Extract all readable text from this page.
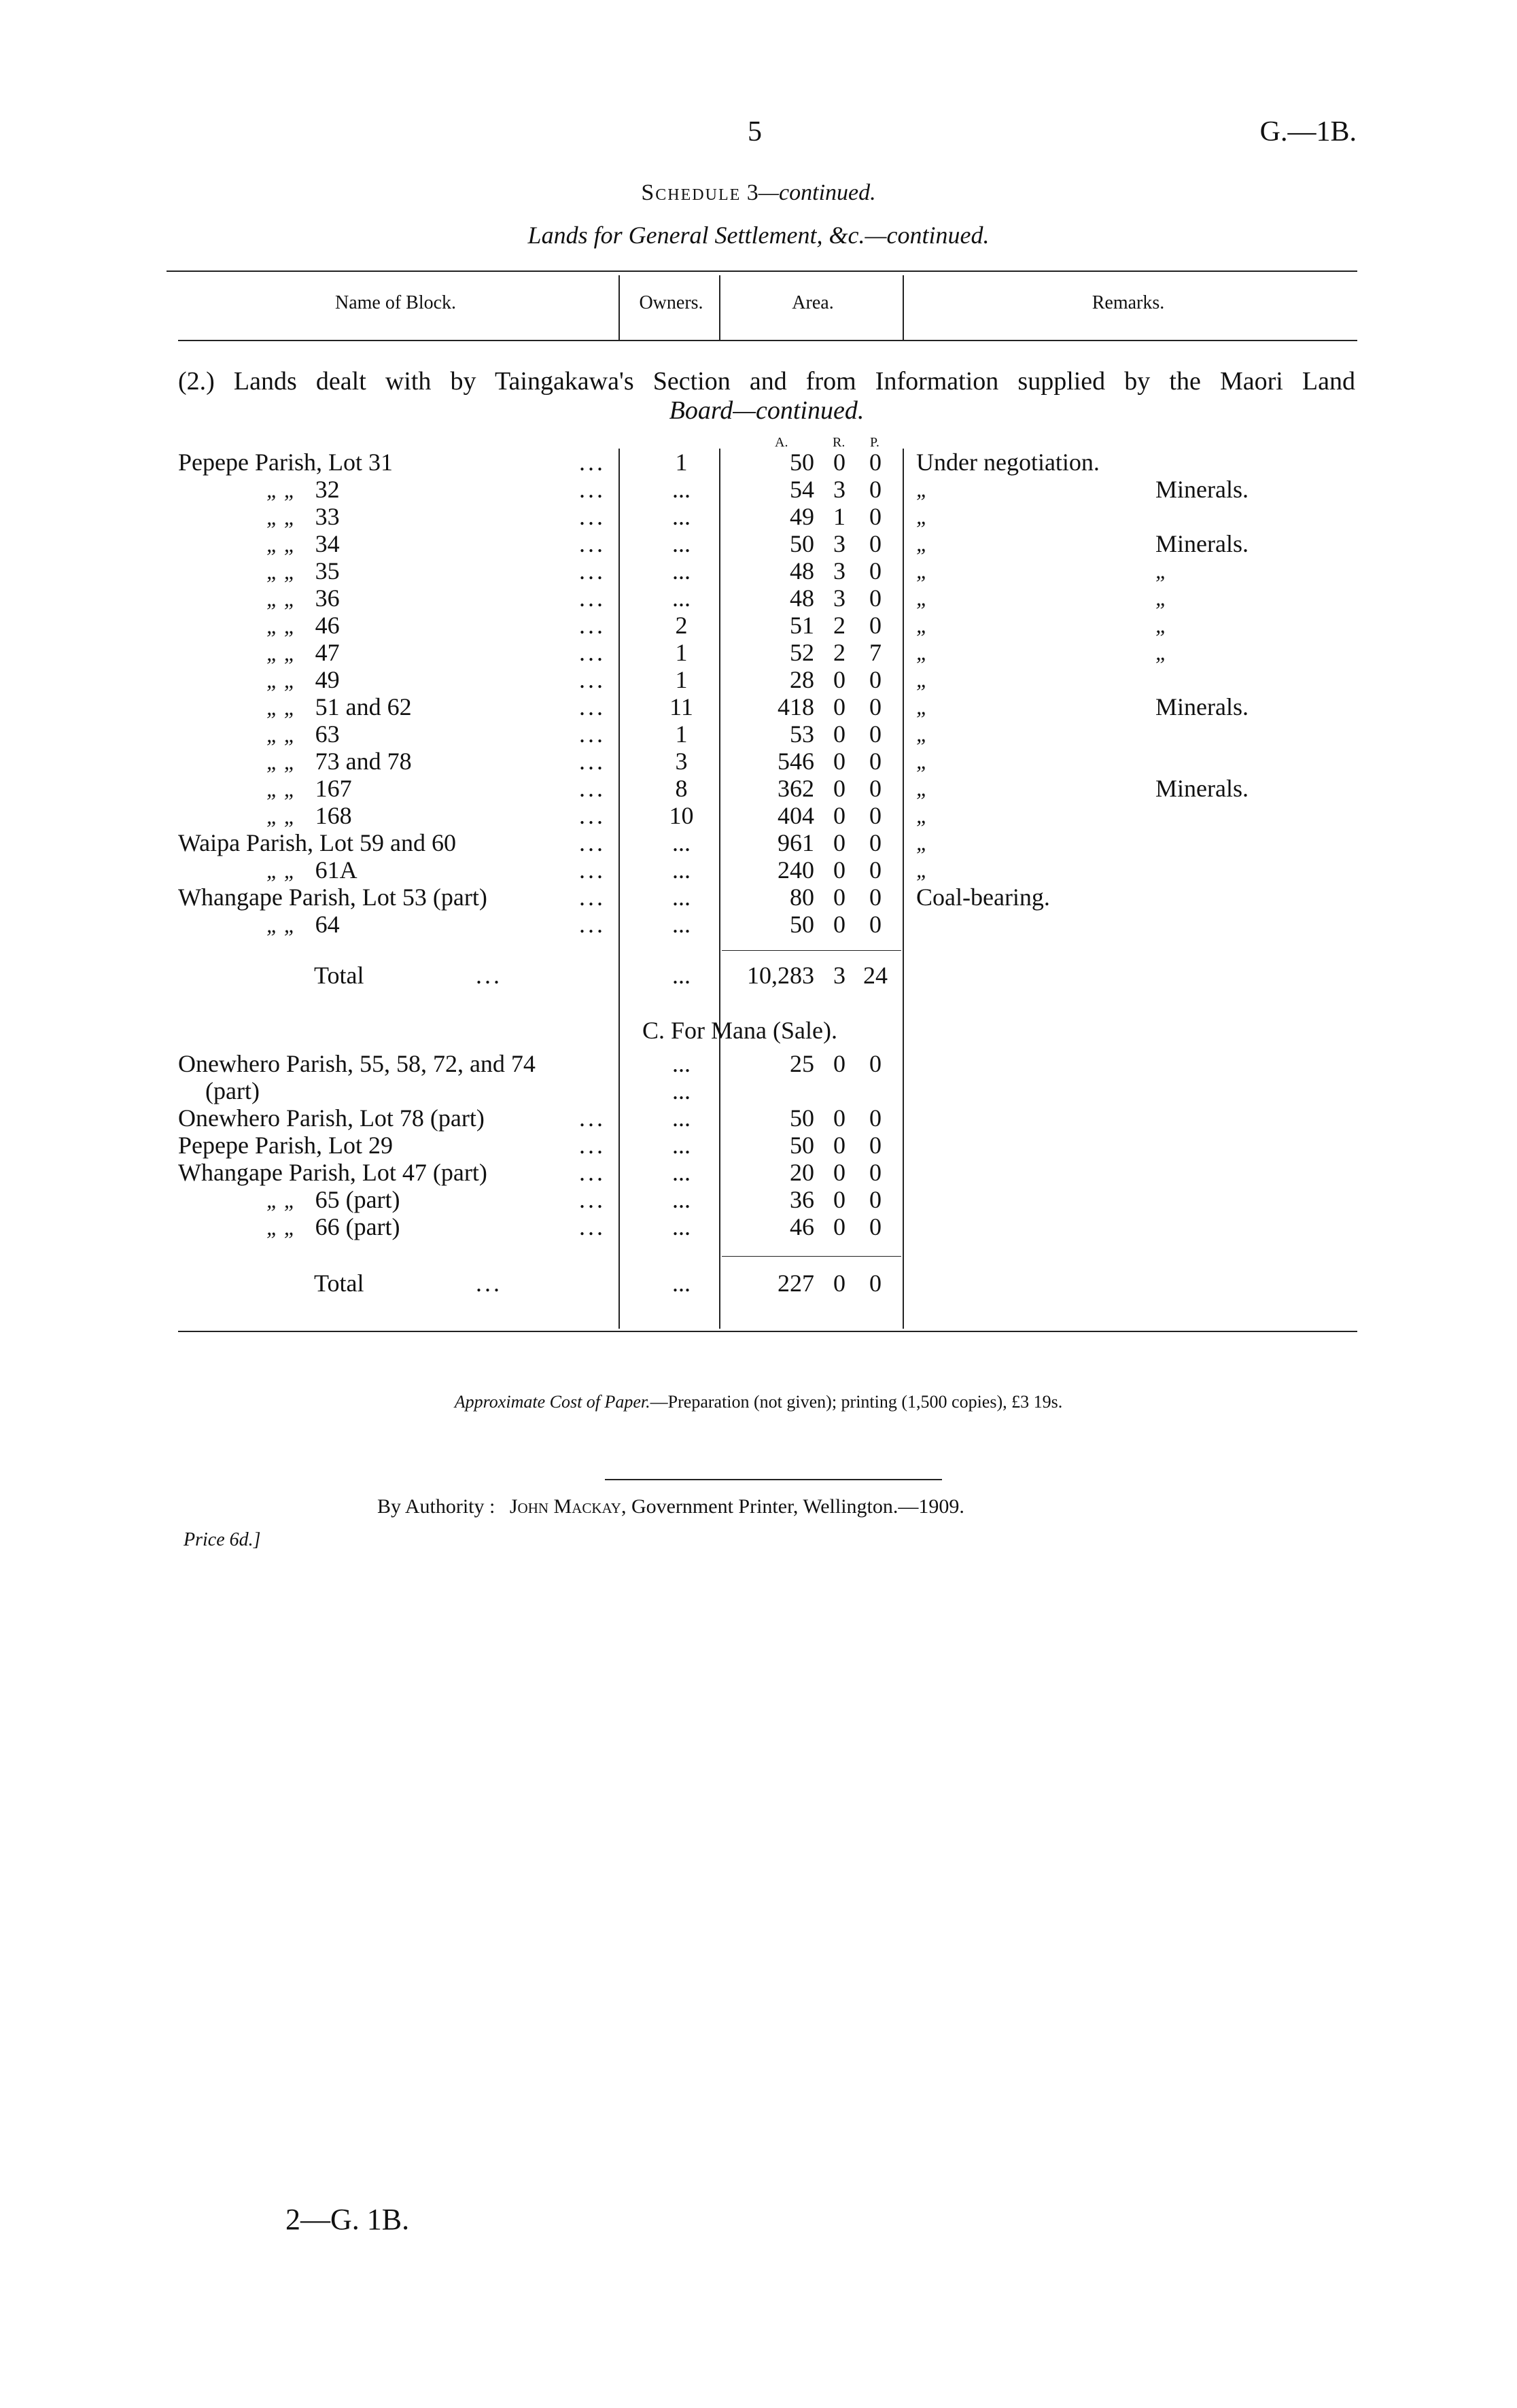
5	G.—1B.
Schedule 3—continued.
Lands for General Settlement, &c.—continued.
Name of Block.	Owners.	Area.	Remarks.
(2.) Lands dealt with by Taingakawa's Section and from Information supplied by the Maori Land
Board—continued.
A.	R. P.
Pepepe Parish, Lot 31	...	1	50 0 0	Under negotiation.
„ „ 32	...	...	54 3 0	„	Minerals.
„ „ 33	...	...	49 1 0	„
„ „ 34	...	...	50 3 0	„	Minerals.
„ „ 35	...	...	48 3 0	„	„
„ „ 36	...	...	48 3 0	„	„
„ „ 46	...	2	51 2 0	„	„
„ „ 47	...	1	52 2 7	„	„
„ „ 49	...	1	28 0 0	„
„ „ 51 and 62	...	11	418 0 0	„	Minerals.
„ „ 63	...	1	53 0 0	„
„ „ 73 and 78	...	3	546 0 0	„
„ „ 167	...	8	362 0 0	„	Minerals.
„ „ 168	...	10	404 0 0	„
Waipa Parish, Lot 59 and 60	...	...	961 0 0	„
„ „ 61A	...	...	240 0 0	„
Whangape Parish, Lot 53 (part)	...	...	80 0 0	Coal-bearing.
„ „ 64	...	...	50 0 0
Total	...	...	10,283 3 24
C. For Mana (Sale).
Onewhero Parish, 55, 58, 72, and 74	...	25 0 0
(part)	...
Onewhero Parish, Lot 78 (part)	...	...	50 0 0
Pepepe Parish, Lot 29	...	...	50 0 0
Whangape Parish, Lot 47 (part)	...	...	20 0 0
„ „ 65 (part)	...	...	36 0 0
„ „ 66 (part)	...	...	46 0 0
Total	...	...	227 0 0
Approximate Cost of Paper.—Preparation (not given); printing (1,500 copies), £3 19s.
By Authority : John Mackay, Government Printer, Wellington.—1909.
Price 6d.]
2—G. 1B.
